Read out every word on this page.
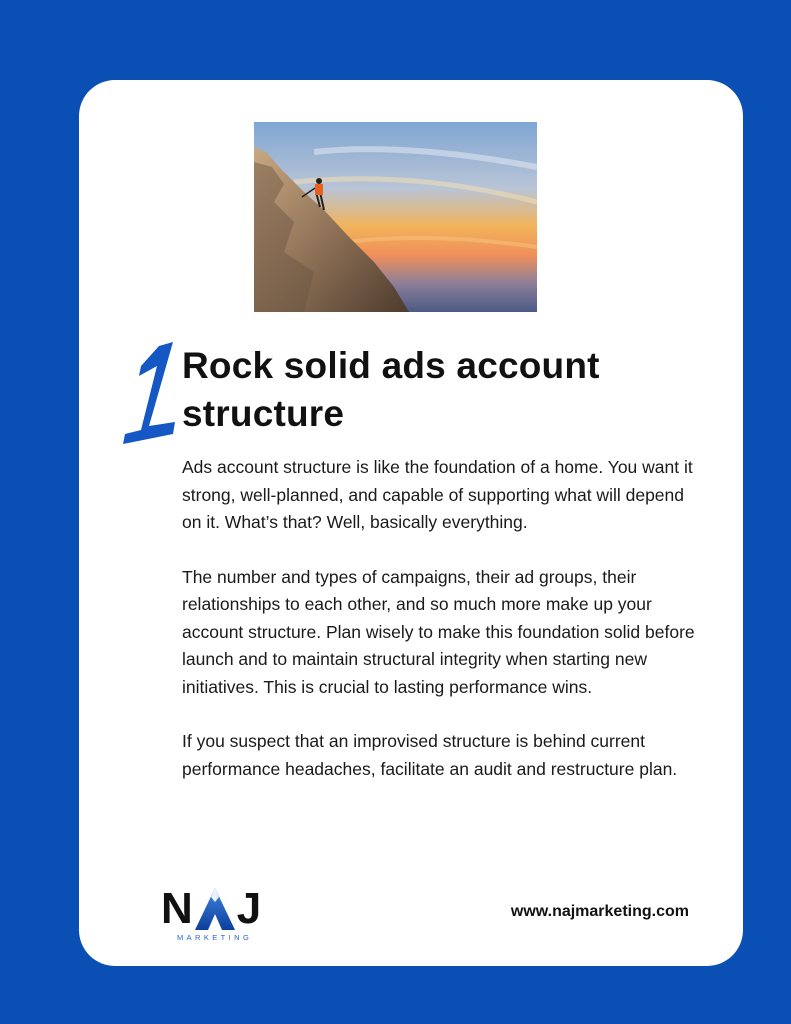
Rock solid ads account structure

Ads account structure is like the foundation of a home. You want it strong, well-planned, and capable of supporting what will depend on it. What’s that? Well, basically everything.

The number and types of campaigns, their ad groups, their relationships to each other, and so much more make up your account structure. Plan wisely to make this foundation solid before launch and to maintain structural integrity when starting new initiatives. This is crucial to lasting performance wins.

If you suspect that an improvised structure is behind current performance headaches, facilitate an audit and restructure plan.

N J
MARKETING
www.najmarketing.com
